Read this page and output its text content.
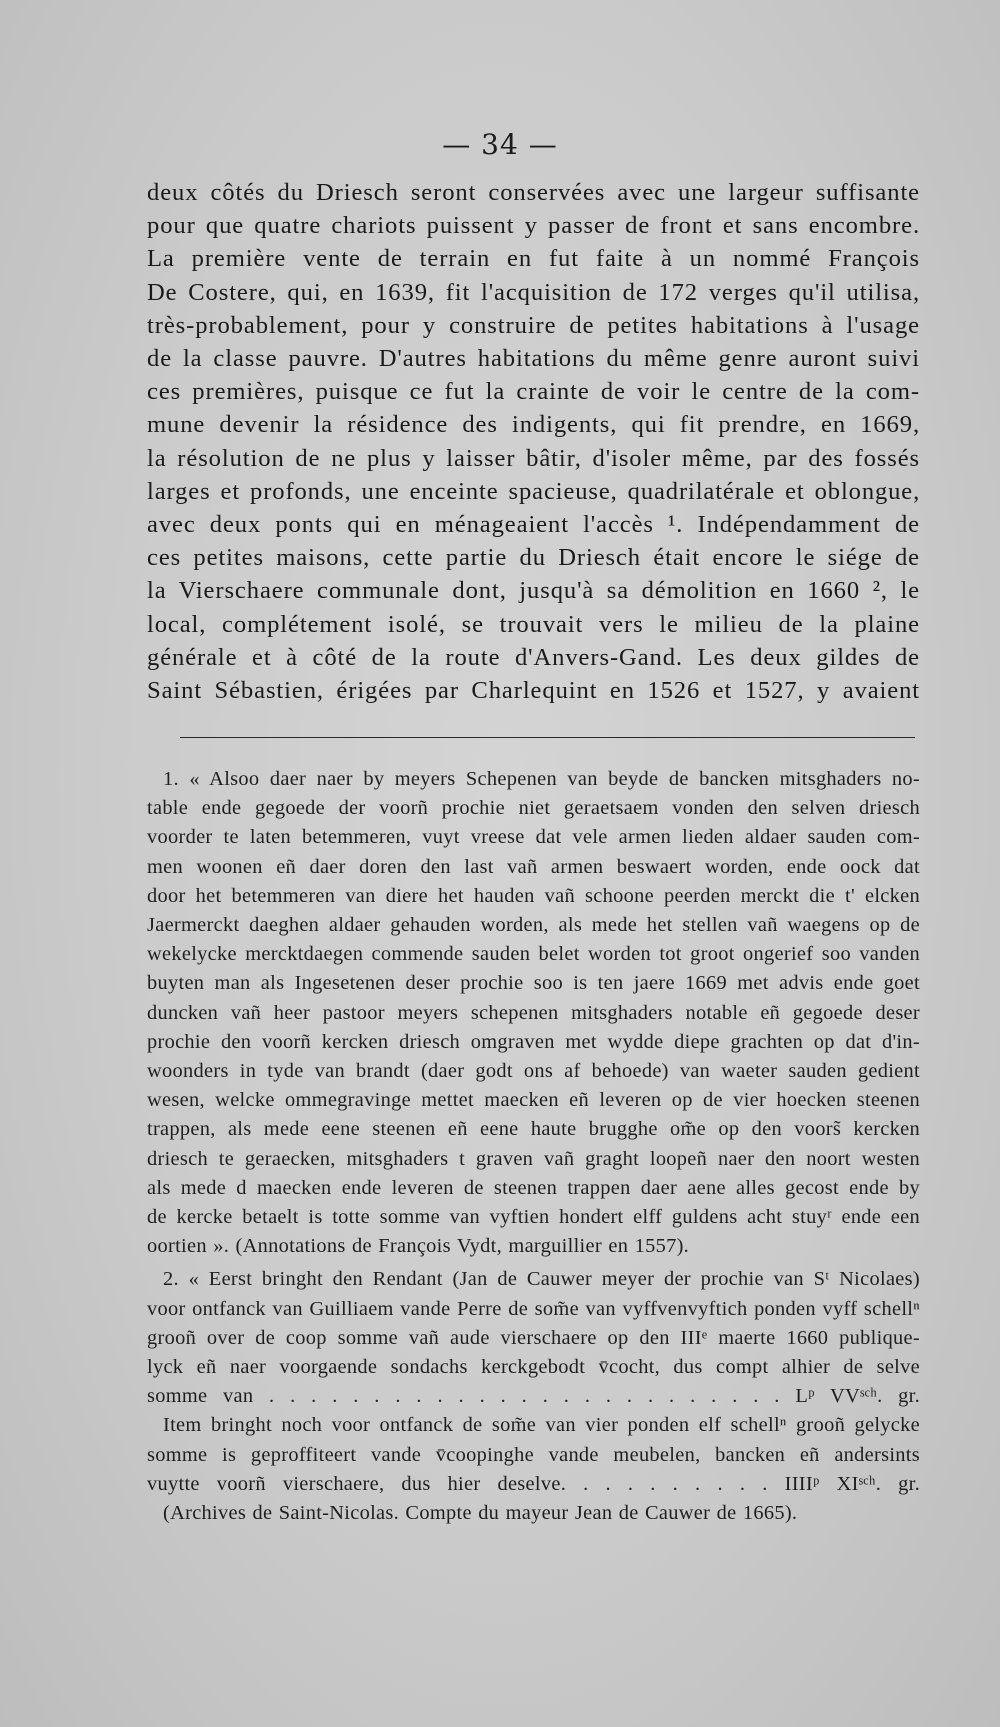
— 34 —
deux côtés du Driesch seront conservées avec une largeur suffisante
pour que quatre chariots puissent y passer de front et sans encombre.
La première vente de terrain en fut faite à un nommé François
De Costere, qui, en 1639, fit l'acquisition de 172 verges qu'il utilisa,
très-probablement, pour y construire de petites habitations à l'usage
de la classe pauvre. D'autres habitations du même genre auront suivi
ces premières, puisque ce fut la crainte de voir le centre de la com-
mune devenir la résidence des indigents, qui fit prendre, en 1669,
la résolution de ne plus y laisser bâtir, d'isoler même, par des fossés
larges et profonds, une enceinte spacieuse, quadrilatérale et oblongue,
avec deux ponts qui en ménageaient l'accès ¹. Indépendamment de
ces petites maisons, cette partie du Driesch était encore le siége de
la Vierschaere communale dont, jusqu'à sa démolition en 1660 ², le
local, complétement isolé, se trouvait vers le milieu de la plaine
générale et à côté de la route d'Anvers-Gand. Les deux gildes de
Saint Sébastien, érigées par Charlequint en 1526 et 1527, y avaient
1. « Alsoo daer naer by meyers Schepenen van beyde de bancken mitsghaders no-
table ende gegoede der voorñ prochie niet geraetsaem vonden den selven driesch
voorder te laten betemmeren, vuyt vreese dat vele armen lieden aldaer sauden com-
men woonen eñ daer doren den last vañ armen beswaert worden, ende oock dat
door het betemmeren van diere het hauden vañ schoone peerden merckt die t' elcken
Jaermerckt daeghen aldaer gehauden worden, als mede het stellen vañ waegens op de
wekelycke mercktdaegen commende sauden belet worden tot groot ongerief soo vanden
buyten man als Ingesetenen deser prochie soo is ten jaere 1669 met advis ende goet
duncken vañ heer pastoor meyers schepenen mitsghaders notable eñ gegoede deser
prochie den voorñ kercken driesch omgraven met wydde diepe grachten op dat d'in-
woonders in tyde van brandt (daer godt ons af behoede) van waeter sauden gedient
wesen, welcke ommegravinge mettet maecken eñ leveren op de vier hoecken steenen
trappen, als mede eene steenen eñ eene haute brugghe om̃e op den voors̃ kercken
driesch te geraecken, mitsghaders t graven vañ graght loopeñ naer den noort westen
als mede d maecken ende leveren de steenen trappen daer aene alles gecost ende by
de kercke betaelt is totte somme van vyftien hondert elff guldens acht stuyʳ ende een
oortien ». (Annotations de François Vydt, marguillier en 1557).
2. « Eerst bringht den Rendant (Jan de Cauwer meyer der prochie van Sᵗ Nicolaes)
voor ontfanck van Guilliaem vande Perre de som̃e van vyffvenvyftich ponden vyff schellⁿ
grooñ over de coop somme vañ aude vierschaere op den IIIᵉ maerte 1660 publique-
lyck eñ naer voorgaende sondachs kerckgebodt v̄cocht, dus compt alhier de selve
somme van . . . . . . . . . . . . . . . . . . . . . . . . . Lᵖ VVˢᶜʰ. gr.
Item bringht noch voor ontfanck de som̃e van vier ponden elf schellⁿ grooñ gelycke
somme is geproffiteert vande v̄coopinghe vande meubelen, bancken eñ andersints
vuytte voorñ vierschaere, dus hier deselve. . . . . . . . . . IIIIᵖ XIˢᶜʰ. gr.
(Archives de Saint-Nicolas. Compte du mayeur Jean de Cauwer de 1665).
